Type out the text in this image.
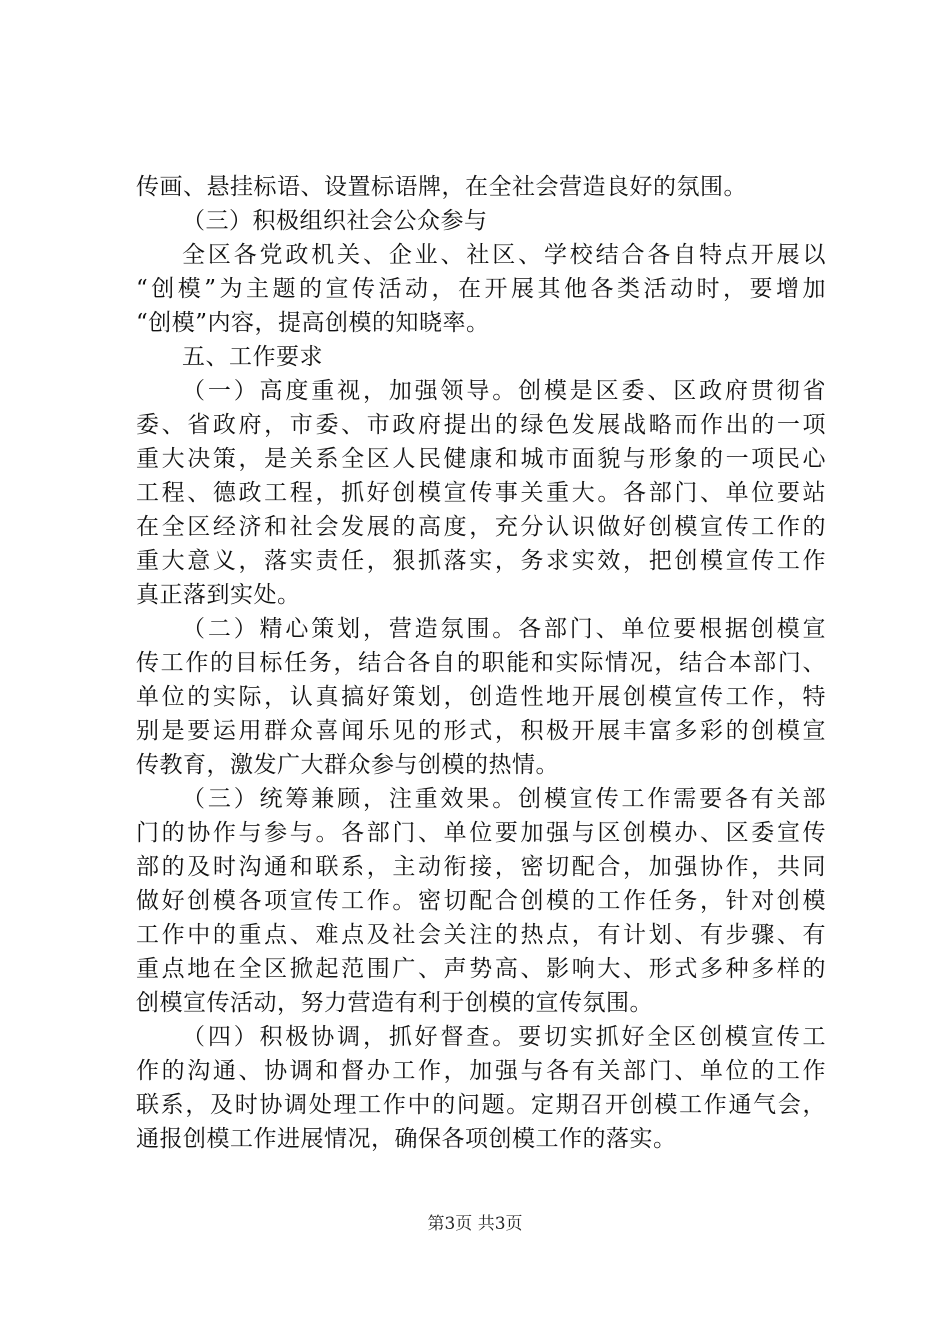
传画、悬挂标语、设置标语牌，在全社会营造良好的氛围。
（三）积极组织社会公众参与
全区各党政机关、企业、社区、学校结合各自特点开展以
“创模”为主题的宣传活动，在开展其他各类活动时，要增加
“创模”内容，提高创模的知晓率。
五、工作要求
（一）高度重视，加强领导。创模是区委、区政府贯彻省
委、省政府，市委、市政府提出的绿色发展战略而作出的一项
重大决策，是关系全区人民健康和城市面貌与形象的一项民心
工程、德政工程，抓好创模宣传事关重大。各部门、单位要站
在全区经济和社会发展的高度，充分认识做好创模宣传工作的
重大意义，落实责任，狠抓落实，务求实效，把创模宣传工作
真正落到实处。
（二）精心策划，营造氛围。各部门、单位要根据创模宣
传工作的目标任务，结合各自的职能和实际情况，结合本部门、
单位的实际，认真搞好策划，创造性地开展创模宣传工作，特
别是要运用群众喜闻乐见的形式，积极开展丰富多彩的创模宣
传教育，激发广大群众参与创模的热情。
（三）统筹兼顾，注重效果。创模宣传工作需要各有关部
门的协作与参与。各部门、单位要加强与区创模办、区委宣传
部的及时沟通和联系，主动衔接，密切配合，加强协作，共同
做好创模各项宣传工作。密切配合创模的工作任务，针对创模
工作中的重点、难点及社会关注的热点，有计划、有步骤、有
重点地在全区掀起范围广、声势高、影响大、形式多种多样的
创模宣传活动，努力营造有利于创模的宣传氛围。
（四）积极协调，抓好督查。要切实抓好全区创模宣传工
作的沟通、协调和督办工作，加强与各有关部门、单位的工作
联系，及时协调处理工作中的问题。定期召开创模工作通气会，
通报创模工作进展情况，确保各项创模工作的落实。
第3页 共3页
